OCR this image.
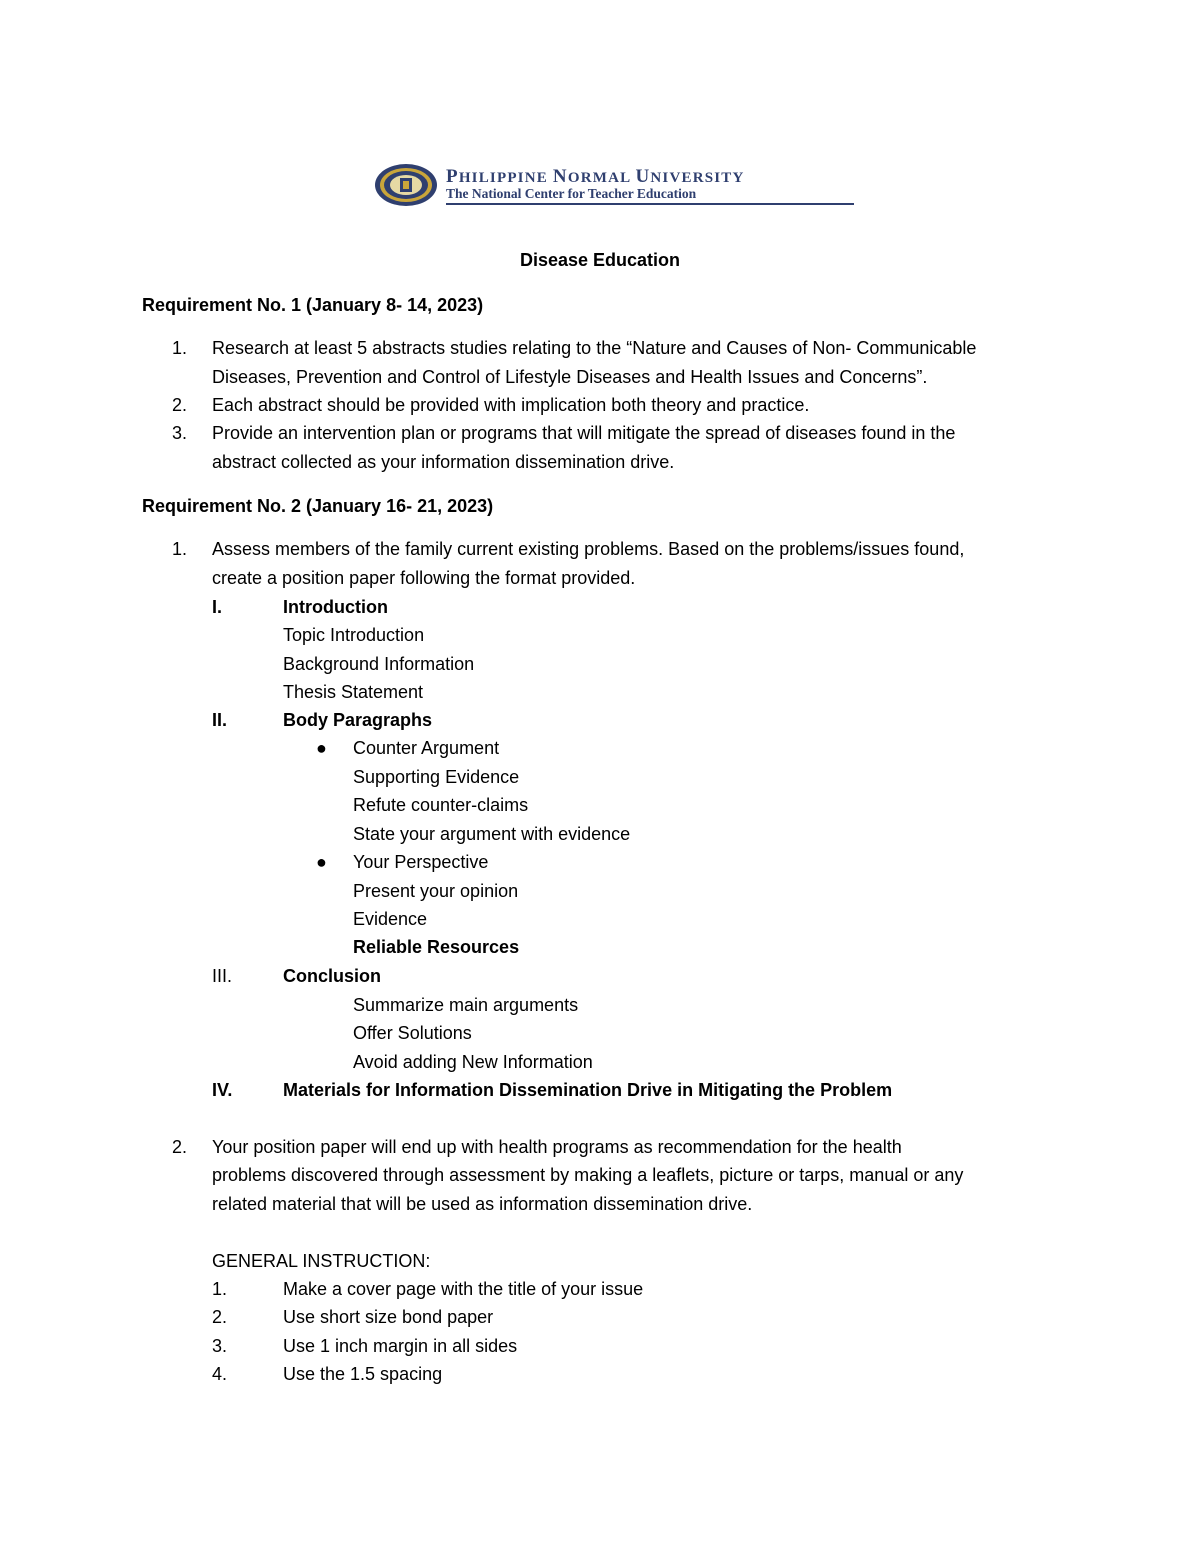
PHILIPPINE NORMAL UNIVERSITY
The National Center for Teacher Education
Disease Education
Requirement No. 1 (January 8- 14, 2023)
1. Research at least 5 abstracts studies relating to the “Nature and Causes of Non- Communicable
Diseases, Prevention and Control of Lifestyle Diseases and Health Issues and Concerns”.
2. Each abstract should be provided with implication both theory and practice.
3. Provide an intervention plan or programs that will mitigate the spread of diseases found in the
abstract collected as your information dissemination drive.
Requirement No. 2 (January 16- 21, 2023)
1. Assess members of the family current existing problems. Based on the problems/issues found,
create a position paper following the format provided.
I.	Introduction
Topic Introduction
Background Information
Thesis Statement
II.	Body Paragraphs
● Counter Argument
Supporting Evidence
Refute counter-claims
State your argument with evidence
● Your Perspective
Present your opinion
Evidence
Reliable Resources
III.	Conclusion
Summarize main arguments
Offer Solutions
Avoid adding New Information
IV.	Materials for Information Dissemination Drive in Mitigating the Problem
2. Your position paper will end up with health programs as recommendation for the health
problems discovered through assessment by making a leaflets, picture or tarps, manual or any
related material that will be used as information dissemination drive.
GENERAL INSTRUCTION:
1.	Make a cover page with the title of your issue
2.	Use short size bond paper
3.	Use 1 inch margin in all sides
4.	Use the 1.5 spacing
